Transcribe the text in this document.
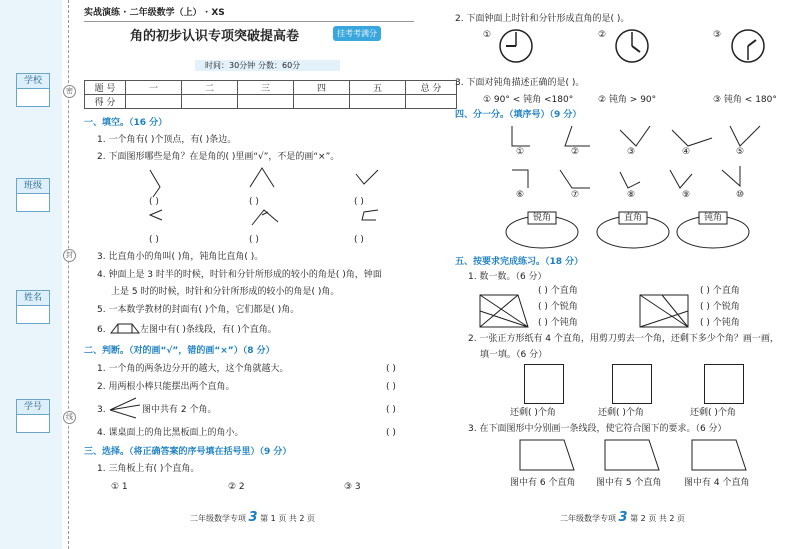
学校
班级
姓名
学号
密
封
线
实战演练 · 二年级数学（上） · XS
角的初步认识专项突破提高卷	挂考考满分
时间：30分钟 分数：60分
题 号	一	二	三	四	五	总 分
得 分						
一、填空。（16 分）
1. 一个角有( )个顶点，有( )条边。
2. 下面图形哪些是角？在是角的( )里画“√”，不是的画“×”。
( )	( )	( )
( )	( )	( )
3. 比直角小的角叫( )角，钝角比直角( )。
4. 钟面上是 3 时半的时候，时针和分针所形成的较小的角是( )角，钟面
上是 5 时的时候，时针和分针所形成的较小的角是( )角。
5. 一本数学教材的封面有( )个角，它们都是( )角。
6.	左图中有( )条线段，有( )个直角。
二、判断。（对的画“√”，错的画“×”）（8 分）
1. 一个角的两条边分开的越大，这个角就越大。	( )
2. 用两根小棒只能摆出两个直角。	( )
3.	图中共有 2 个角。	( )
4. 课桌面上的角比黑板面上的角小。	( )
三、选择。（将正确答案的序号填在括号里）（9 分）
1. 三角板上有( )个直角。
① 1	② 2	③ 3
二年级数学专项 3 第 1 页 共 2 页
2. 下面钟面上时针和分针形成直角的是( )。
①	②	③
3. 下面对钝角描述正确的是( )。
① 90° < 钝角 <180°	② 钝角 > 90°	③ 钝角 < 180°
四、分一分。（填序号）（9 分）
①	②	③	④	⑤
⑥	⑦	⑧	⑨	⑩
锐角	直角	钝角
五、按要求完成练习。（18 分）
1. 数一数。（6 分）
( ) 个直角
( ) 个锐角
( ) 个钝角
( ) 个直角
( ) 个锐角
( ) 个钝角
2. 一张正方形纸有 4 个直角，用剪刀剪去一个角，还剩下多少个角？画一画，
填一填。（6 分）
还剩( )个角	还剩( )个角	还剩( )个角
3. 在下面图形中分别画一条线段，使它符合图下的要求。（6 分）
图中有 6 个直角 图中有 5 个直角	图中有 4 个直角
二年级数学专项 3 第 2 页 共 2 页
